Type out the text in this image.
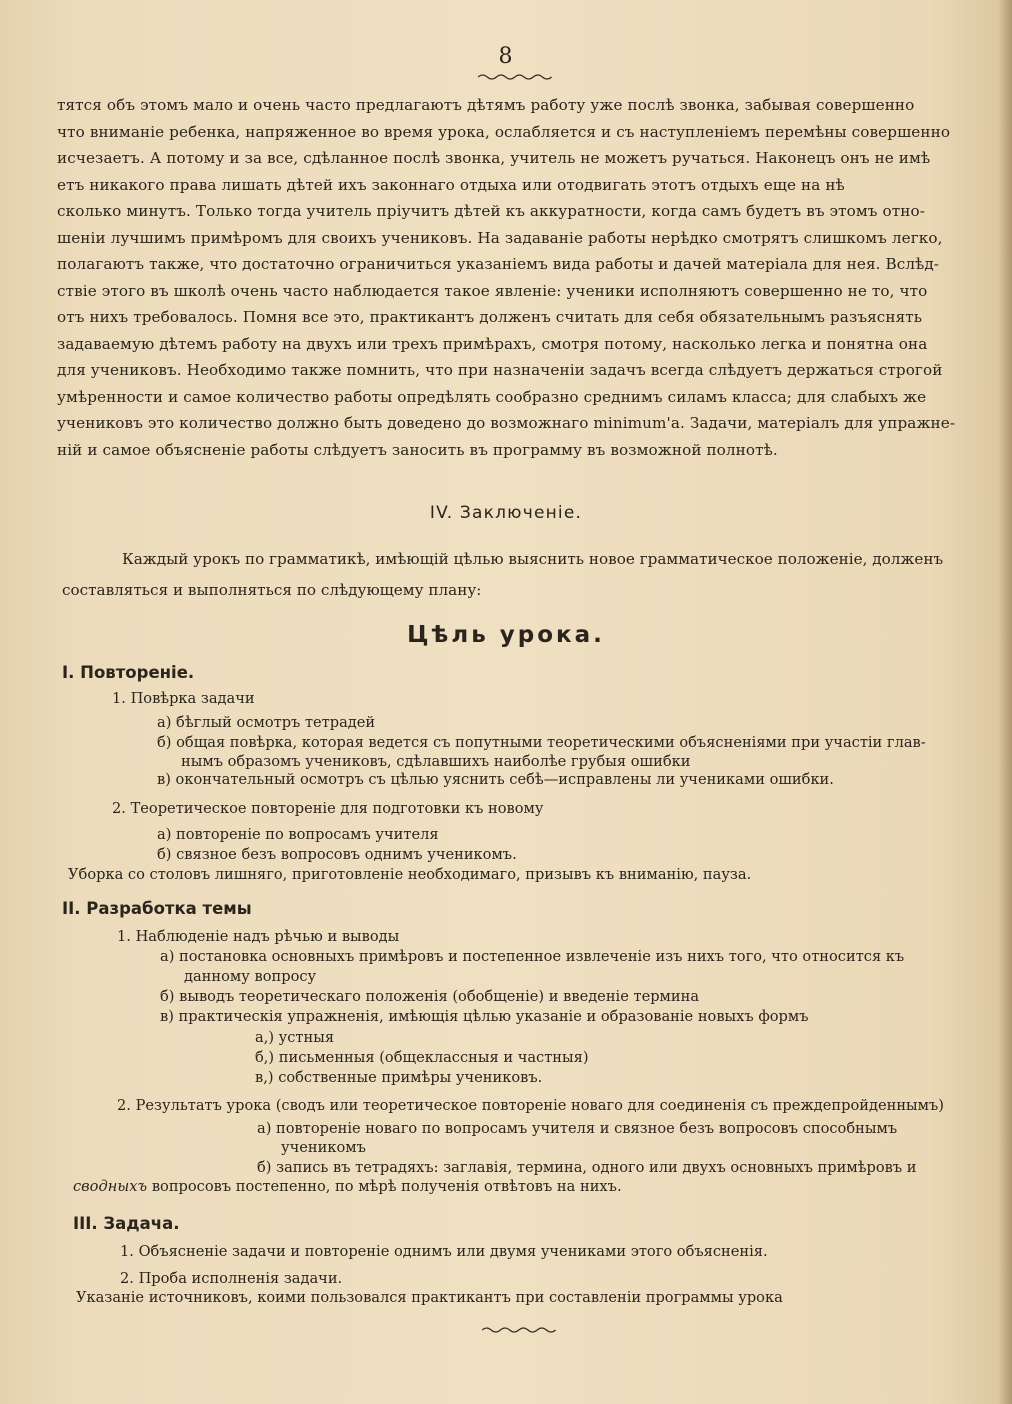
8

тятся объ этомъ мало и очень часто предлагаютъ дѣтямъ работу уже послѣ звонка, забывая совершенно

что вниманіе ребенка, напряженное во время урока, ослабляется и съ наступленіемъ перемѣны совершенно

исчезаетъ. А потому и за все, сдѣланное послѣ звонка, учитель не можетъ ручаться. Наконецъ онъ не имѣ

етъ никакого права лишать дѣтей ихъ законнаго отдыха или отодвигать этотъ отдыхъ еще на нѣ

сколько минутъ. Только тогда учитель пріучитъ дѣтей къ аккуратности, когда самъ будетъ въ этомъ отно-

шеніи лучшимъ примѣромъ для своихъ учениковъ. На задаваніе работы нерѣдко смотрятъ слишкомъ легко,

полагаютъ также, что достаточно ограничиться указаніемъ вида работы и дачей матеріала для нея. Вслѣд-

ствіе этого въ школѣ очень часто наблюдается такое явленіе: ученики исполняютъ совершенно не то, что

отъ нихъ требовалось. Помня все это, практикантъ долженъ считать для себя обязательнымъ разъяснять

задаваемую дѣтемъ работу на двухъ или трехъ примѣрахъ, смотря потому, насколько легка и понятна она

для учениковъ. Необходимо также помнить, что при назначеніи задачъ всегда слѣдуетъ держаться строгой

умѣренности и самое количество работы опредѣлять сообразно среднимъ силамъ класса; для слабыхъ же

учениковъ это количество должно быть доведено до возможнаго minimum'a. Задачи, матеріалъ для упражне-

ній и самое объясненіе работы слѣдуетъ заносить въ программу въ возможной полнотѣ.

IV. Заключеніе.

Каждый урокъ по грамматикѣ, имѣющій цѣлью выяснить новое грамматическое положеніе, долженъ

составляться и выполняться по слѣдующему плану:

Цѣль урока.
I. Повтореніе.
1. Повѣрка задачи
а) бѣглый осмотръ тетрадей
б) общая повѣрка, которая ведется съ попутными теоретическими объясненіями при участіи глав-
нымъ образомъ учениковъ, сдѣлавшихъ наиболѣе грубыя ошибки
в) окончательный осмотръ съ цѣлью уяснить себѣ—исправлены ли учениками ошибки.
2. Теоретическое повтореніе для подготовки къ новому
а) повтореніе по вопросамъ учителя
б) связное безъ вопросовъ однимъ ученикомъ.
Уборка со столовъ лишняго, приготовленіе необходимаго, призывъ къ вниманію, пауза.
II. Разработка темы
1. Наблюденіе надъ рѣчью и выводы
а) постановка основныхъ примѣровъ и постепенное извлеченіе изъ нихъ того, что относится къ
данному вопросу
б) выводъ теоретическаго положенія (обобщеніе) и введеніе термина
в) практическія упражненія, имѣющія цѣлью указаніе и образованіе новыхъ формъ
а,) устныя
б,) письменныя (общеклассныя и частныя)
в,) собственные примѣры учениковъ.
2. Результатъ урока (сводъ или теоретическое повтореніе новаго для соединенія съ преждепройденнымъ)
а) повтореніе новаго по вопросамъ учителя и связное безъ вопросовъ способнымъ
ученикомъ
б) запись въ тетрадяхъ: заглавія, термина, одного или двухъ основныхъ примѣровъ и
сводныхъ вопросовъ постепенно, по мѣрѣ полученія отвѣтовъ на нихъ.
III. Задача.
1. Объясненіе задачи и повтореніе однимъ или двумя учениками этого объясненія.
2. Проба исполненія задачи.
Указаніе источниковъ, коими пользовался практикантъ при составленіи программы урока
